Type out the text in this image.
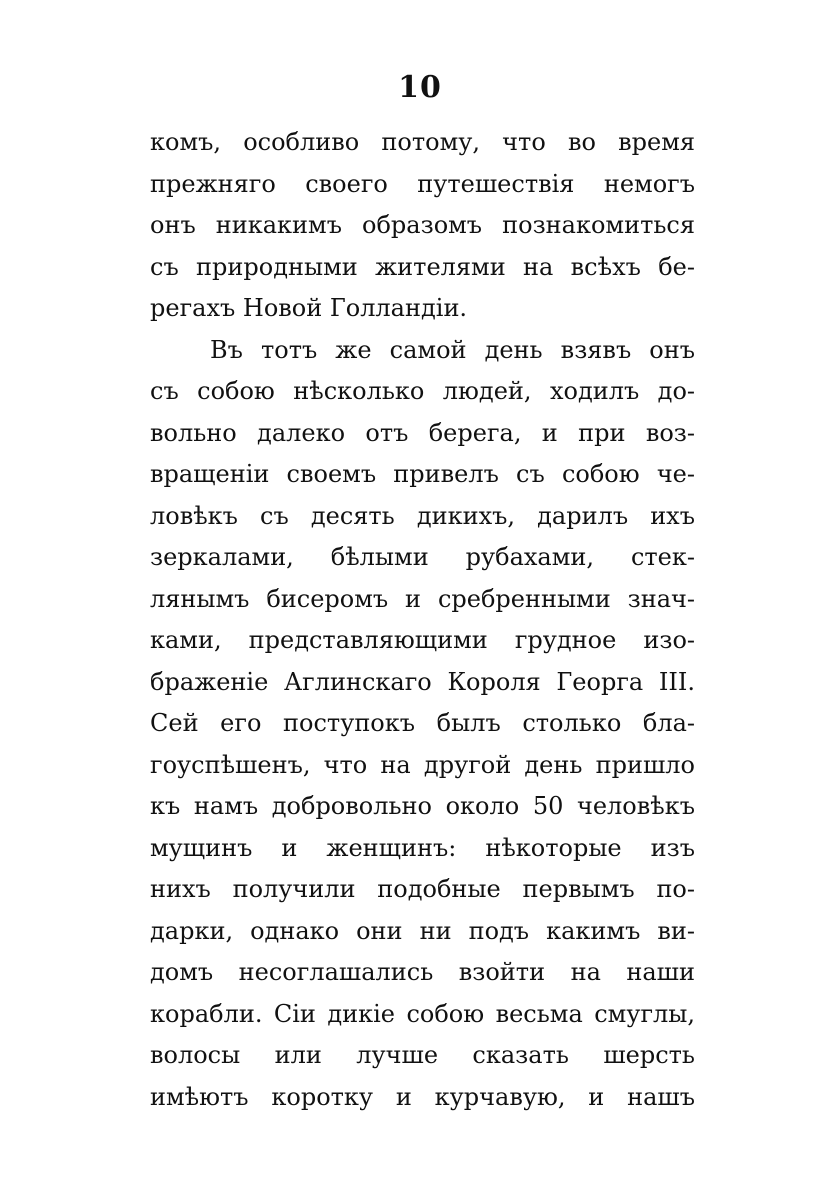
10
комъ, особливо потому, что во время
прежняго своего путешествія немогъ
онъ никакимъ образомъ познакомиться
съ природными жителями на всѣхъ бе-
регахъ Новой Голландіи.
Въ тотъ же самой день взявъ онъ
съ собою нѣсколько людей, ходилъ до-
вольно далеко отъ берега, и при воз-
вращеніи своемъ привелъ съ собою че-
ловѣкъ съ десять дикихъ, дарилъ ихъ
зеркалами, бѣлыми рубахами, стек-
лянымъ бисеромъ и сребренными знач-
ками, представляющими грудное изо-
браженіе Аглинскаго Короля Георга III.
Сей его поступокъ былъ столько бла-
гоуспѣшенъ, что на другой день пришло
къ намъ добровольно около 50 человѣкъ
мущинъ и женщинъ: нѣкоторые изъ
нихъ получили подобные первымъ по-
дарки, однако они ни подъ какимъ ви-
домъ несоглашались взойти на наши
корабли. Сіи дикіе собою весьма смуглы,
волосы или лучше сказать шерсть
имѣютъ коротку и курчавую, и нашъ
